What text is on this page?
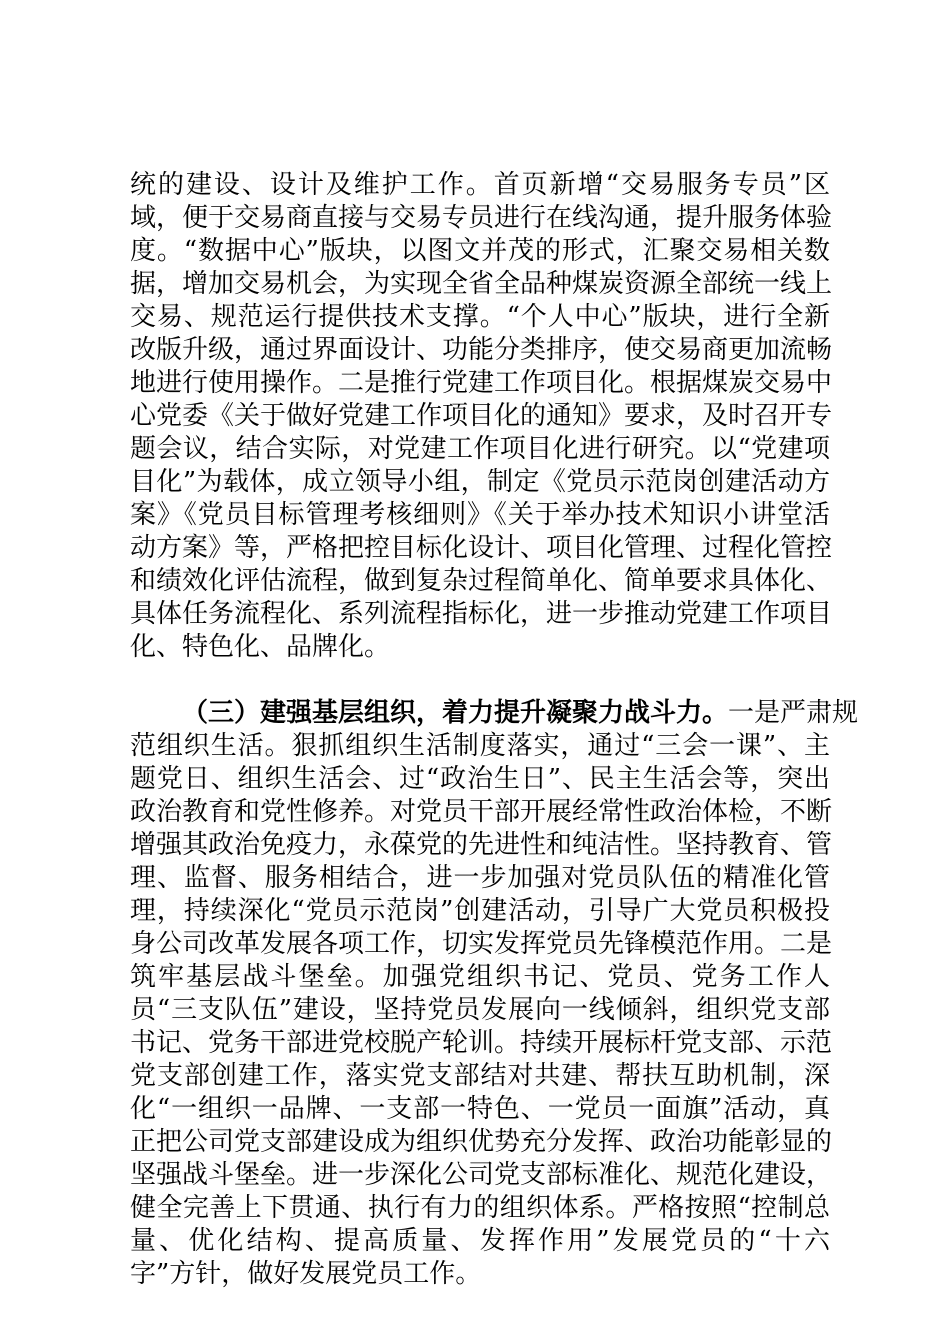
统的建设、设计及维护工作。首页新增“交易服务专员”区
域，便于交易商直接与交易专员进行在线沟通，提升服务体验
度。“数据中心”版块，以图文并茂的形式，汇聚交易相关数
据，增加交易机会，为实现全省全品种煤炭资源全部统一线上
交易、规范运行提供技术支撑。“个人中心”版块，进行全新
改版升级，通过界面设计、功能分类排序，使交易商更加流畅
地进行使用操作。二是推行党建工作项目化。根据煤炭交易中
心党委《关于做好党建工作项目化的通知》要求，及时召开专
题会议，结合实际，对党建工作项目化进行研究。以“党建项
目化”为载体，成立领导小组，制定《党员示范岗创建活动方
案》《党员目标管理考核细则》《关于举办技术知识小讲堂活
动方案》等，严格把控目标化设计、项目化管理、过程化管控
和绩效化评估流程，做到复杂过程简单化、简单要求具体化、
具体任务流程化、系列流程指标化，进一步推动党建工作项目
化、特色化、品牌化。
（三）建强基层组织，着力提升凝聚力战斗力。一是严肃规
范组织生活。狠抓组织生活制度落实，通过“三会一课”、主
题党日、组织生活会、过“政治生日”、民主生活会等，突出
政治教育和党性修养。对党员干部开展经常性政治体检，不断
增强其政治免疫力，永葆党的先进性和纯洁性。坚持教育、管
理、监督、服务相结合，进一步加强对党员队伍的精准化管
理，持续深化“党员示范岗”创建活动，引导广大党员积极投
身公司改革发展各项工作，切实发挥党员先锋模范作用。二是
筑牢基层战斗堡垒。加强党组织书记、党员、党务工作人
员“三支队伍”建设，坚持党员发展向一线倾斜，组织党支部
书记、党务干部进党校脱产轮训。持续开展标杆党支部、示范
党支部创建工作，落实党支部结对共建、帮扶互助机制，深
化“一组织一品牌、一支部一特色、一党员一面旗”活动，真
正把公司党支部建设成为组织优势充分发挥、政治功能彰显的
坚强战斗堡垒。进一步深化公司党支部标准化、规范化建设，
健全完善上下贯通、执行有力的组织体系。严格按照“控制总
量、优化结构、提高质量、发挥作用”发展党员的“十六
字”方针，做好发展党员工作。
